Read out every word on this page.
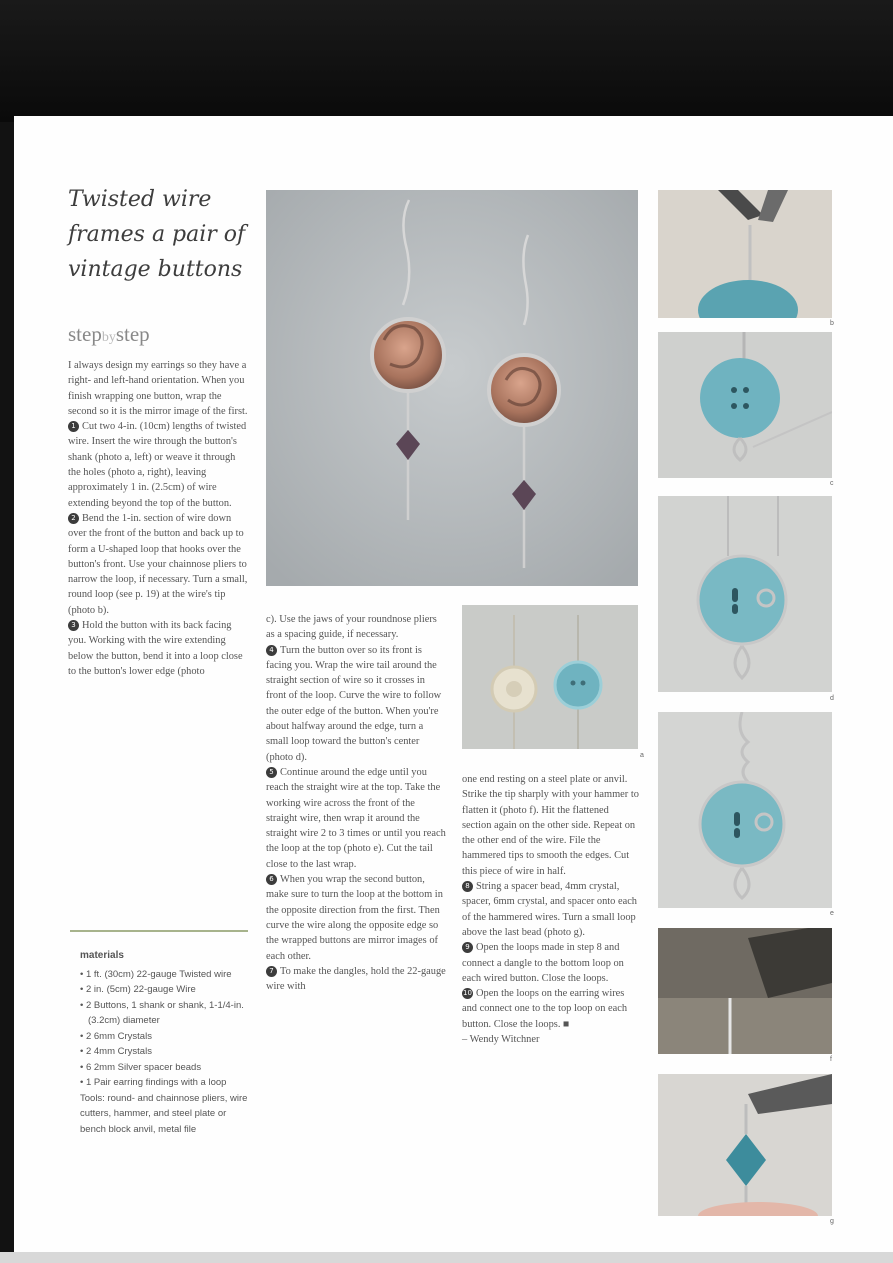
Twisted wire frames a pair of vintage buttons
stepbystep

I always design my earrings so they have a right- and left-hand orientation. When you finish wrapping one button, wrap the second so it is the mirror image of the first.

1 Cut two 4-in. (10cm) lengths of twisted wire. Insert the wire through the button's shank (photo a, left) or weave it through the holes (photo a, right), leaving approximately 1 in. (2.5cm) of wire extending beyond the top of the button.

2 Bend the 1-in. section of wire down over the front of the button and back up to form a U-shaped loop that hooks over the button's front. Use your chainnose pliers to narrow the loop, if necessary. Turn a small, round loop (see p. 19) at the wire's tip (photo b).

3 Hold the button with its back facing you. Working with the wire extending below the button, bend it into a loop close to the button's lower edge (photo

materials
• 1 ft. (30cm) 22-gauge Twisted wire
• 2 in. (5cm) 22-gauge Wire
• 2 Buttons, 1 shank or shank, 1-1/4-in. (3.2cm) diameter
• 2 6mm Crystals
• 2 4mm Crystals
• 6 2mm Silver spacer beads
• 1 Pair earring findings with a loop

Tools: round- and chainnose pliers, wire cutters, hammer, and steel plate or bench block anvil, metal file

c). Use the jaws of your roundnose pliers as a spacing guide, if necessary.

4 Turn the button over so its front is facing you. Wrap the wire tail around the straight section of wire so it crosses in front of the loop. Curve the wire to follow the outer edge of the button. When you're about halfway around the edge, turn a small loop toward the button's center (photo d).

5 Continue around the edge until you reach the straight wire at the top. Take the working wire across the front of the straight wire, then wrap it around the straight wire 2 to 3 times or until you reach the loop at the top (photo e). Cut the tail close to the last wrap.

6 When you wrap the second button, make sure to turn the loop at the bottom in the opposite direction from the first. Then curve the wire along the opposite edge so the wrapped buttons are mirror images of each other.

7 To make the dangles, hold the 22-gauge wire with

one end resting on a steel plate or anvil. Strike the tip sharply with your hammer to flatten it (photo f). Hit the flattened section again on the other side. Repeat on the other end of the wire. File the hammered tips to smooth the edges. Cut this piece of wire in half.

8 String a spacer bead, 4mm crystal, spacer, 6mm crystal, and spacer onto each of the hammered wires. Turn a small loop above the last bead (photo g).

9 Open the loops made in step 8 and connect a dangle to the bottom loop on each wired button. Close the loops.

10 Open the loops on the earring wires and connect one to the top loop on each button. Close the loops. ■

– Wendy Witchner

a
b
c
d
e
f
g
